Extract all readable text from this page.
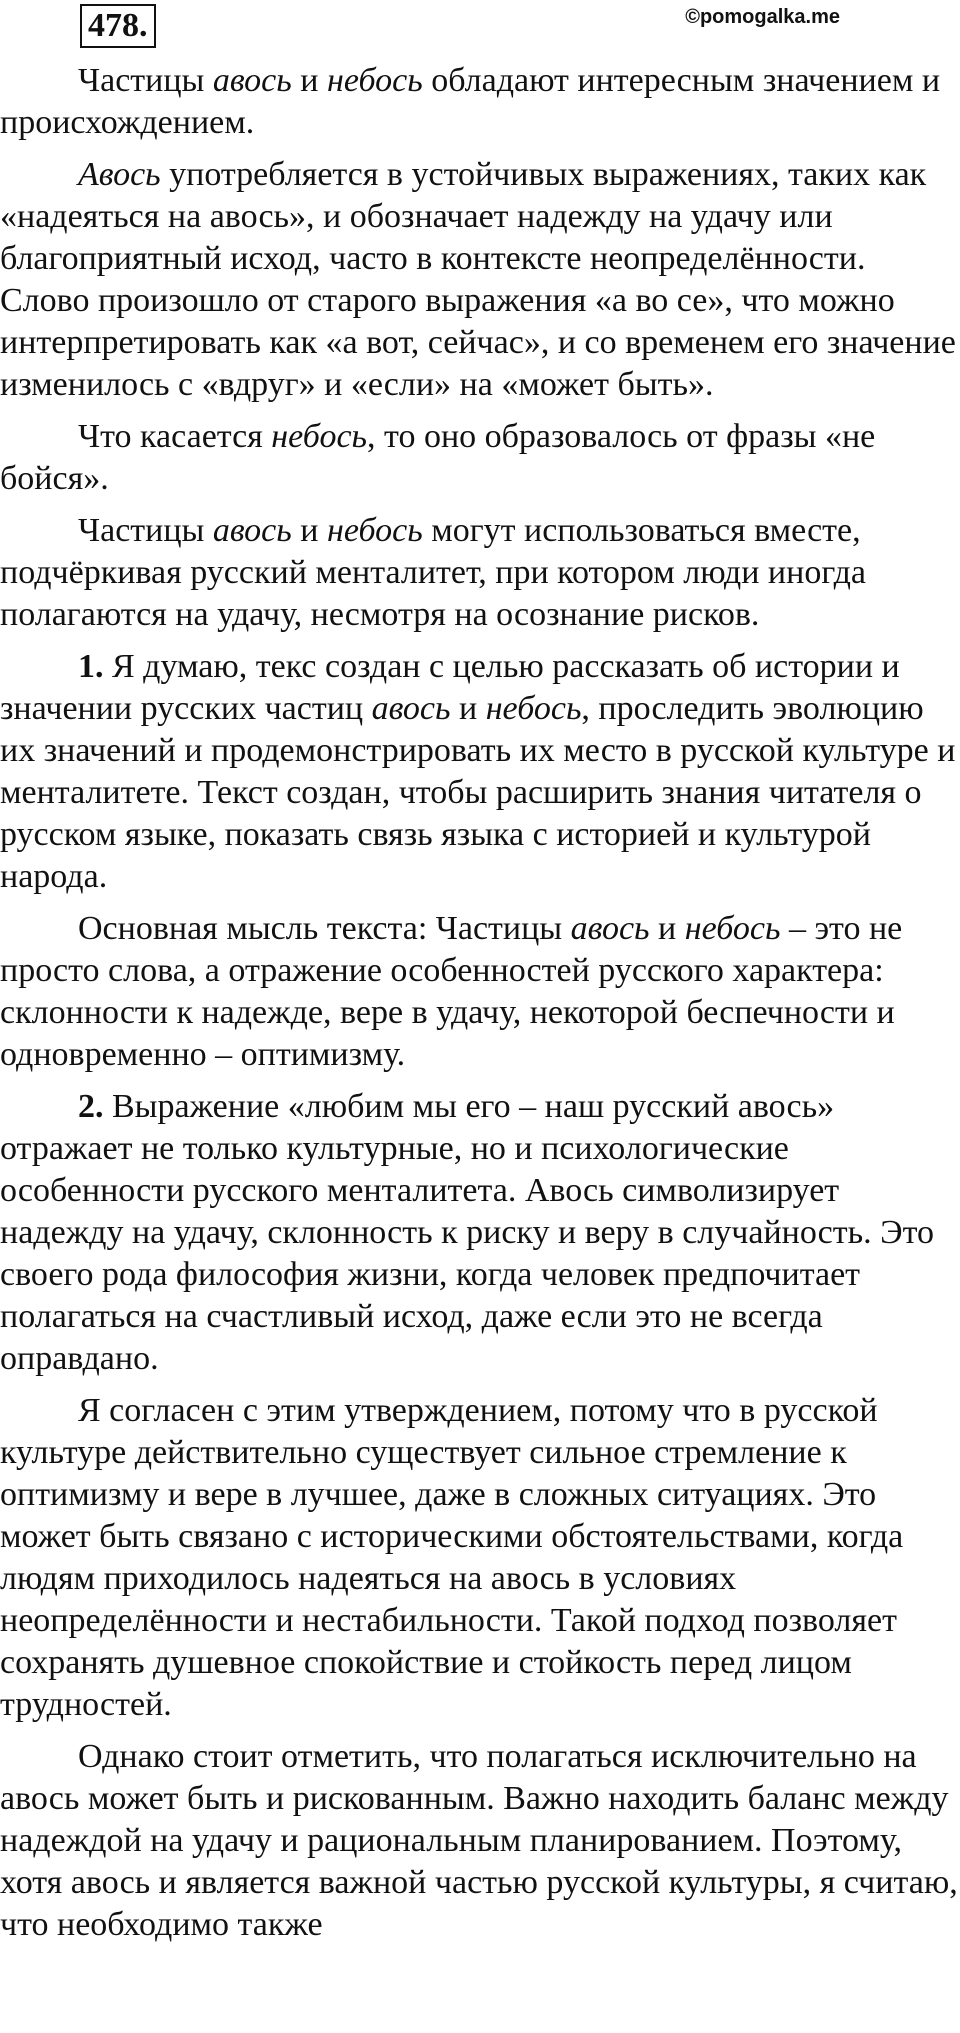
478.	©pomogalka.me

Частицы авось и небось обладают интересным значением и происхождением.

Авось употребляется в устойчивых выражениях, таких как «надеяться на авось», и обозначает надежду на удачу или благоприятный исход, часто в контексте неопределённости. Слово произошло от старого выражения «а во се», что можно интерпретировать как «а вот, сейчас», и со временем его значение изменилось с «вдруг» и «если» на «может быть».

Что касается небось, то оно образовалось от фразы «не бойся».

Частицы авось и небось могут использоваться вместе, подчёркивая русский менталитет, при котором люди иногда полагаются на удачу, несмотря на осознание рисков.

1. Я думаю, текс создан с целью рассказать об истории и значении русских частиц авось и небось, проследить эволюцию их значений и продемонстрировать их место в русской культуре и менталитете. Текст создан, чтобы расширить знания читателя о русском языке, показать связь языка с историей и культурой народа.

Основная мысль текста: Частицы авось и небось – это не просто слова, а отражение особенностей русского характера: склонности к надежде, вере в удачу, некоторой беспечности и одновременно – оптимизму.

2. Выражение «любим мы его – наш русский авось» отражает не только культурные, но и психологические особенности русского менталитета. Авось символизирует надежду на удачу, склонность к риску и веру в случайность. Это своего рода философия жизни, когда человек предпочитает полагаться на счастливый исход, даже если это не всегда оправдано.

Я согласен с этим утверждением, потому что в русской культуре действительно существует сильное стремление к оптимизму и вере в лучшее, даже в сложных ситуациях. Это может быть связано с историческими обстоятельствами, когда людям приходилось надеяться на авось в условиях неопределённости и нестабильности. Такой подход позволяет сохранять душевное спокойствие и стойкость перед лицом трудностей.

Однако стоит отметить, что полагаться исключительно на авось может быть и рискованным. Важно находить баланс между надеждой на удачу и рациональным планированием. Поэтому, хотя авось и является важной частью русской культуры, я считаю, что необходимо также
